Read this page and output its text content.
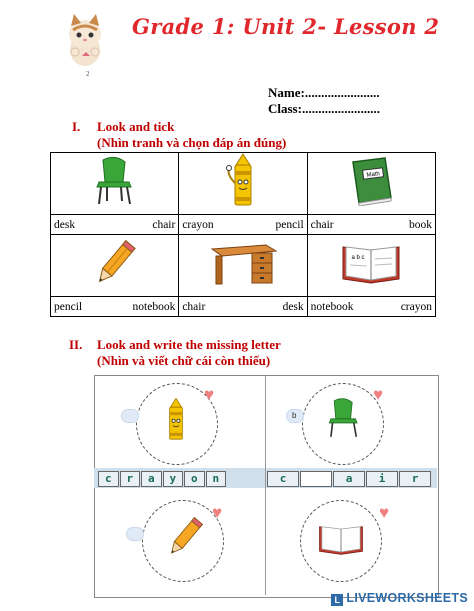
2
Grade 1: Unit 2- Lesson 2
Name:.......................
Class:........................
I. Look and tick
(Nhìn tranh và chọn đáp án đúng)

Math

desk chair	crayon pencil	chair book

a b c

pencil notebook	chair desk	notebook crayon
II. Look and write the missing letter
(Nhìn và viết chữ cái còn thiếu)
♥
b
♥
c	r	a	y	o	n	c	a	i	r
♥	♥
L LIVEWORKSHEETS
